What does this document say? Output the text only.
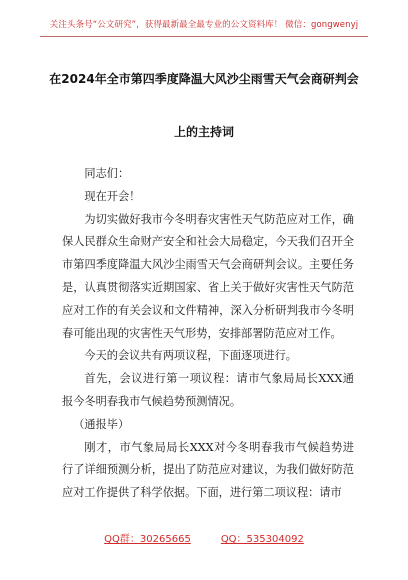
关注头条号“公文研究”，获得最新最全最专业的公文资料库！ 微信：gongwenyj
在2024年全市第四季度降温大风沙尘雨雪天气会商研判会
上的主持词

同志们：

现在开会！

为切实做好我市今冬明春灾害性天气防范应对工作，确保人民群众生命财产安全和社会大局稳定，今天我们召开全市第四季度降温大风沙尘雨雪天气会商研判会议。主要任务是，认真贯彻落实近期国家、省上关于做好灾害性天气防范应对工作的有关会议和文件精神，深入分析研判我市今冬明春可能出现的灾害性天气形势，安排部署防范应对工作。

今天的会议共有两项议程，下面逐项进行。

首先，会议进行第一项议程：请市气象局局长XXX通报今冬明春我市气候趋势预测情况。

（通报毕）

刚才，市气象局局长XXX对今冬明春我市气候趋势进行了详细预测分析，提出了防范应对建议，为我们做好防范应对工作提供了科学依据。下面，进行第二项议程：请市

QQ群：30265665	QQ：535304092
